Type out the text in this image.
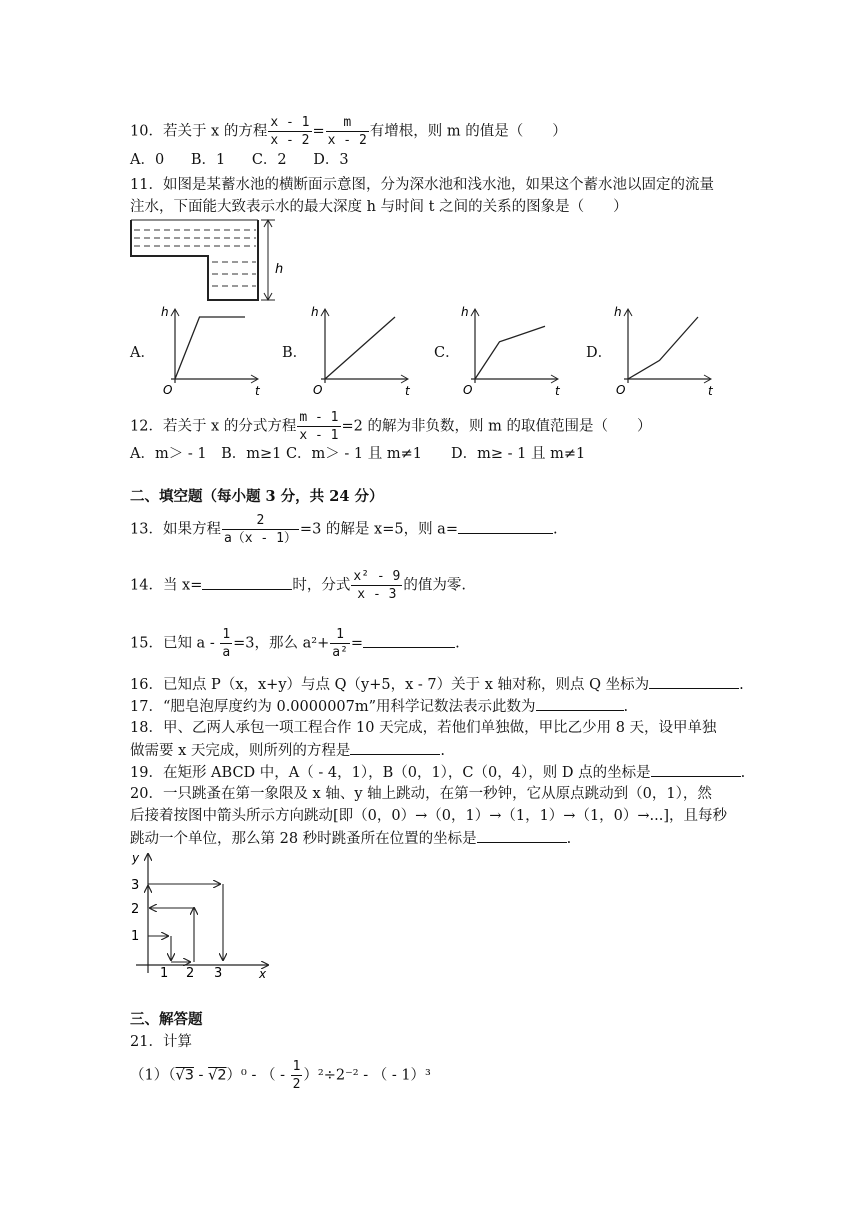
10．若关于 x 的方程 $\frac{x - 1}{x - 2} = \frac{m}{x - 2}$ 有增根，则 m 的值是（　　）
A．0 B．1 C．2 D．3
11．如图是某蓄水池的横断面示意图，分为深水池和浅水池，如果这个蓄水池以固定的流量
注水，下面能大致表示水的最大深度 h 与时间 t 之间的关系的图象是（　　）
h
A．	B．	C．	D．
h
t
O
h
t
O
h
t
O
h
t
O
12．若关于 x 的分式方程 $\frac{m - 1}{x - 1} =2$ 的解为非负数，则 m 的取值范围是（　　）
A．m＞ - 1　B．m≥1 C．m＞ - 1 且 m≠1　　D．m≥ - 1 且 m≠1
二、填空题（每小题 3 分，共 24 分）
13．如果方程 $\frac{2}{a(x - 1)} =3$ 的解是 x=5，则 a=	.
14．当 x=	时，分式 $\frac{\text{x² - 9}}{x - 3}$ 的值为零.
15．已知 $a - \frac{1}{a} =3$，那么 $a^2+ \frac{1}{\text{a²}}$ =	.
16．已知点 P（x，x+y）与点 Q（y+5，x - 7）关于 x 轴对称，则点 Q 坐标为	.
17．“肥皂泡厚度约为 0.0000007m”用科学记数法表示此数为	.
18．甲、乙两人承包一项工程合作 10 天完成，若他们单独做，甲比乙少用 8 天，设甲单独
做需要 x 天完成，则所列的方程是	.
19．在矩形 ABCD 中，A（ - 4，1），B（0，1），C（0，4），则 D 点的坐标是	.
20．一只跳蚤在第一象限及 x 轴、y 轴上跳动，在第一秒钟，它从原点跳动到（0，1），然
后接着按图中箭头所示方向跳动[即（0，0）→（0，1）→（1，1）→（1，0）→...]，且每秒
跳动一个单位，那么第 28 秒时跳蚤所在位置的坐标是	.
y
x
1
2
3
1 2 3
三、解答题
21．计算
（1）（√3 - √2）⁰ - （ - $\frac{1}{2} )^2\div 2^{-2}$ - （ - 1）³
